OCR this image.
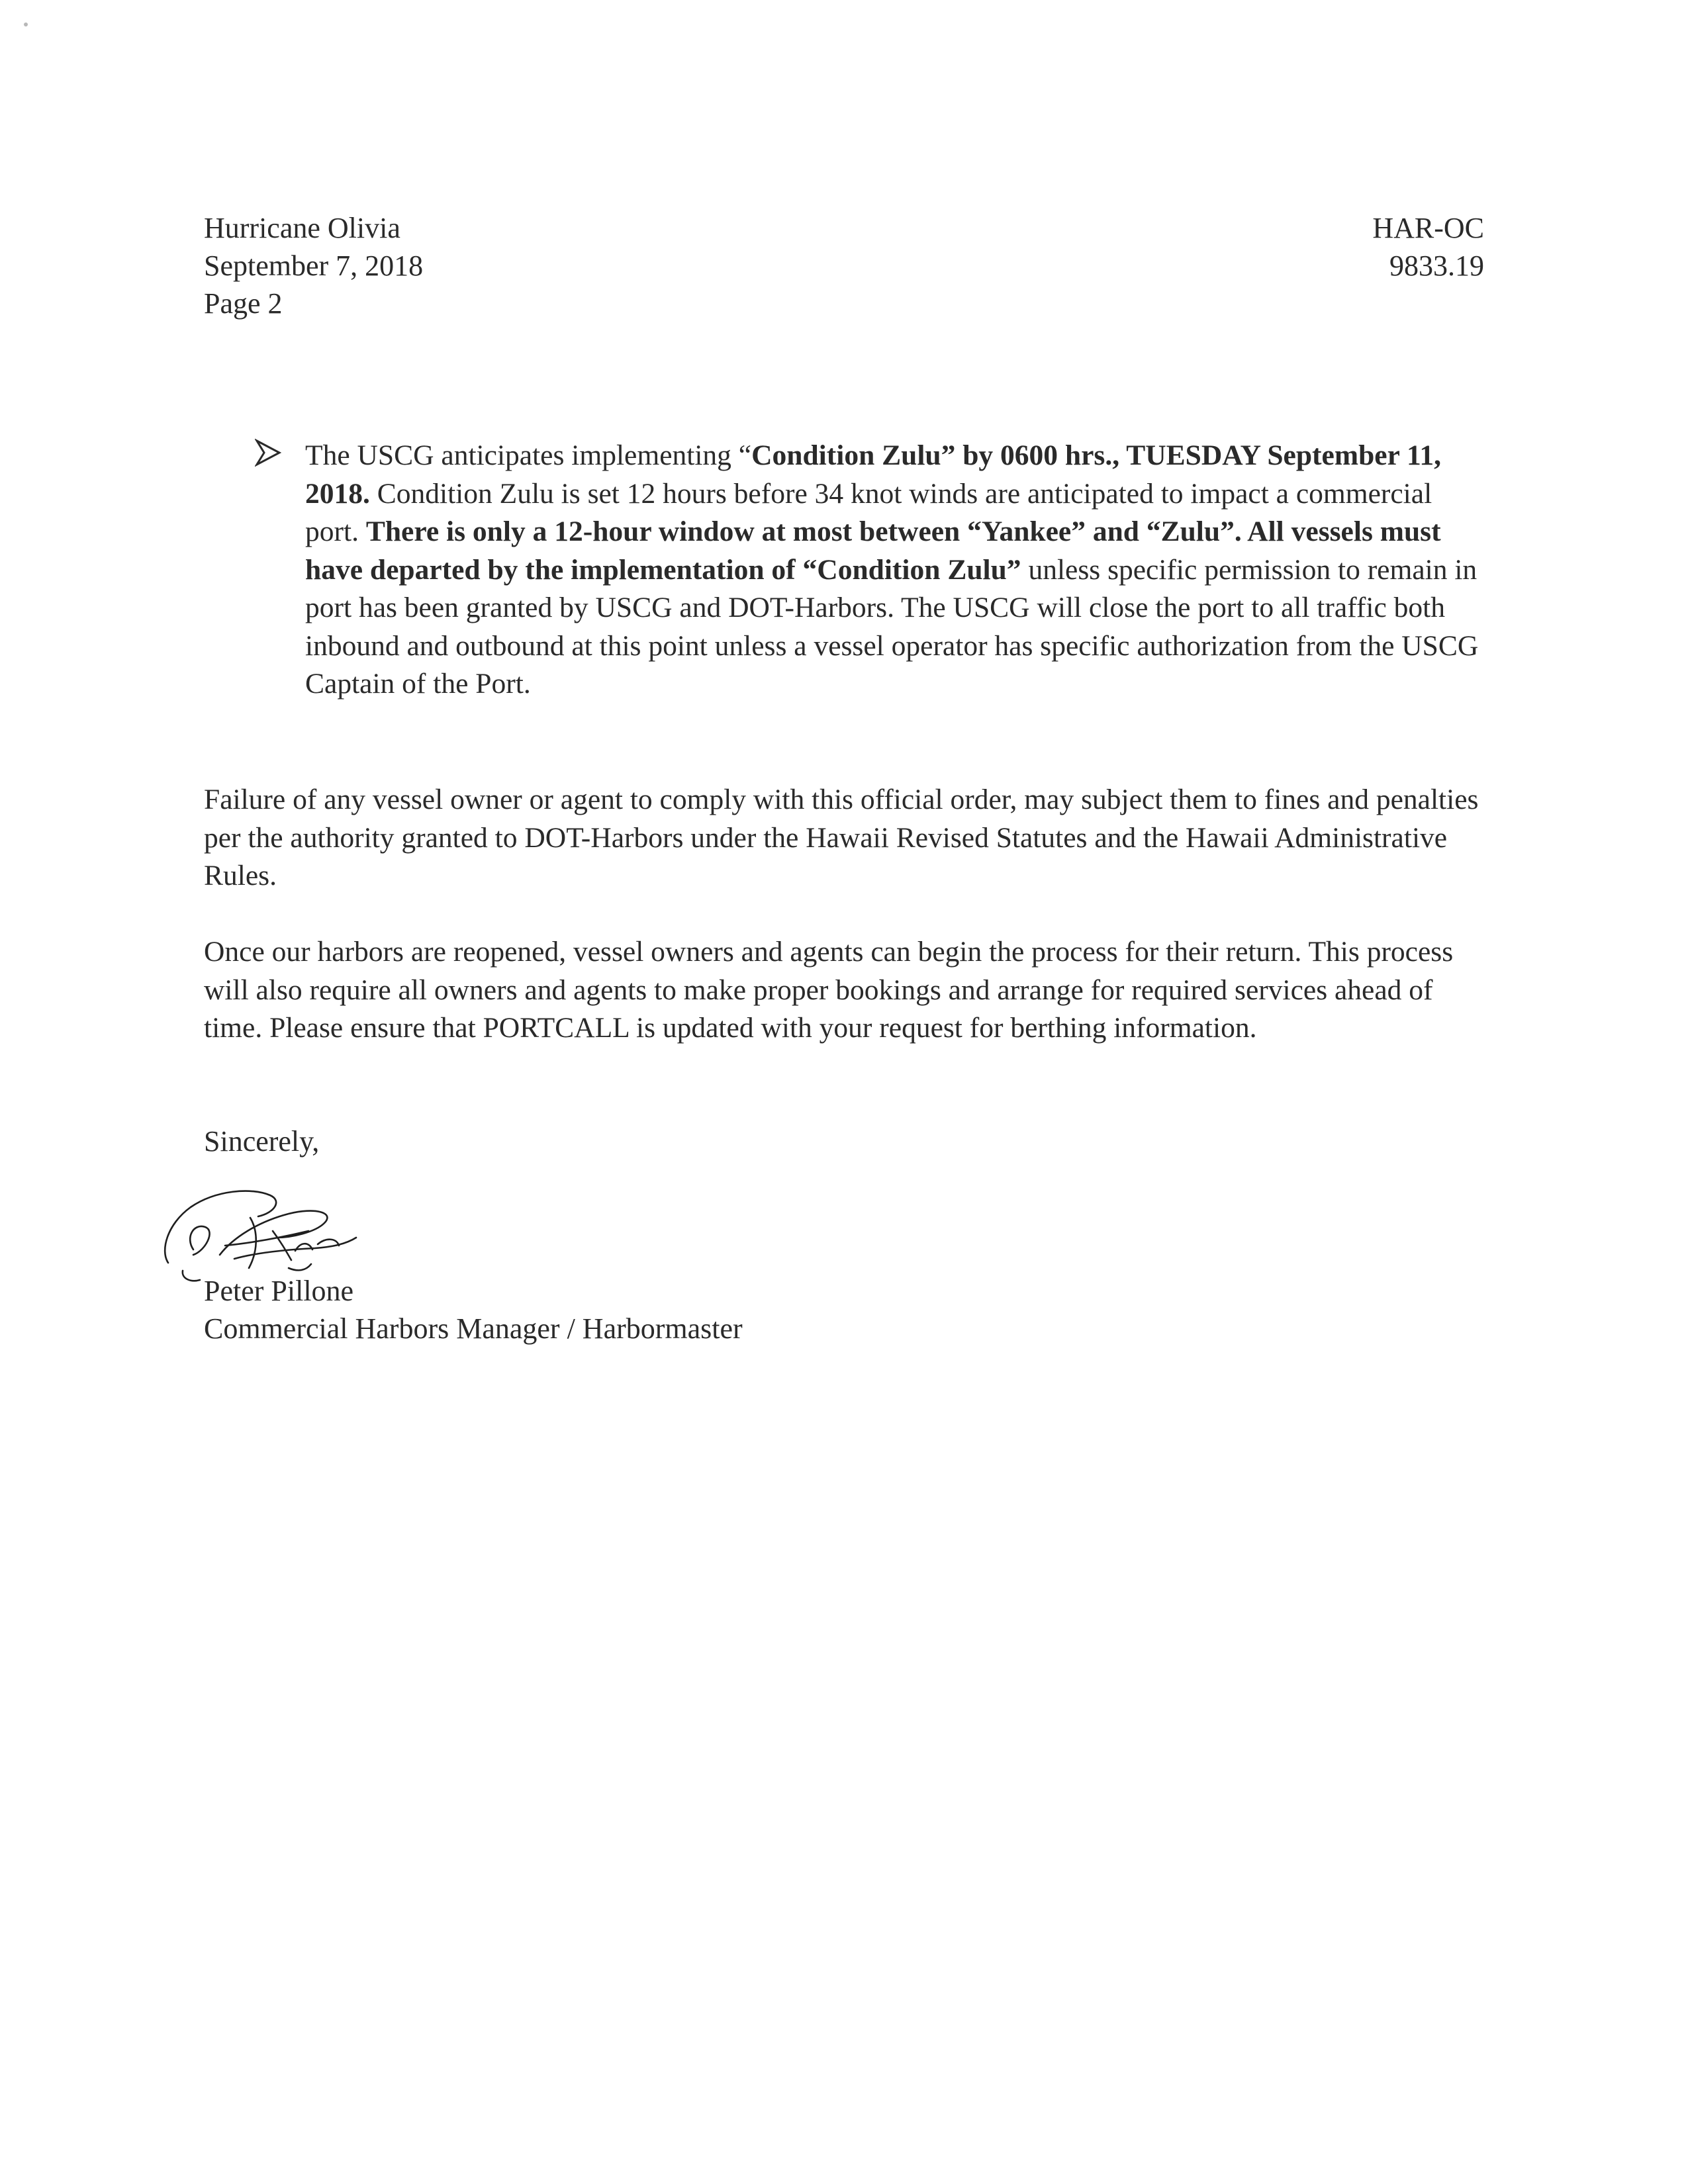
Hurricane Olivia
September 7, 2018
Page 2
HAR-OC
9833.19
The USCG anticipates implementing “Condition Zulu” by 0600 hrs., TUESDAY September 11, 2018. Condition Zulu is set 12 hours before 34 knot winds are anticipated to impact a commercial port. There is only a 12-hour window at most between “Yankee” and “Zulu”. All vessels must have departed by the implementation of “Condition Zulu” unless specific permission to remain in port has been granted by USCG and DOT-Harbors. The USCG will close the port to all traffic both inbound and outbound at this point unless a vessel operator has specific authorization from the USCG Captain of the Port.
Failure of any vessel owner or agent to comply with this official order, may subject them to fines and penalties per the authority granted to DOT-Harbors under the Hawaii Revised Statutes and the Hawaii Administrative Rules.
Once our harbors are reopened, vessel owners and agents can begin the process for their return. This process will also require all owners and agents to make proper bookings and arrange for required services ahead of time. Please ensure that PORTCALL is updated with your request for berthing information.
Sincerely,
Peter Pillone
Commercial Harbors Manager / Harbormaster
